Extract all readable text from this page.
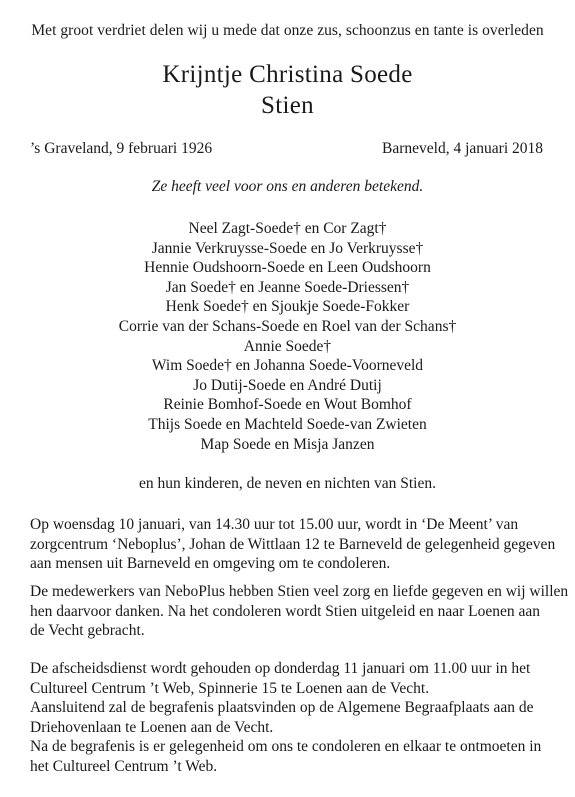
Met groot verdriet delen wij u mede dat onze zus, schoonzus en tante is overleden
Krijntje Christina Soede
Stien
’s Graveland, 9 februari 1926	Barneveld, 4 januari 2018
Ze heeft veel voor ons en anderen betekend.
Neel Zagt-Soede† en Cor Zagt†
Jannie Verkruysse-Soede en Jo Verkruysse†
Hennie Oudshoorn-Soede en Leen Oudshoorn
Jan Soede† en Jeanne Soede-Driessen†
Henk Soede† en Sjoukje Soede-Fokker
Corrie van der Schans-Soede en Roel van der Schans†
Annie Soede†
Wim Soede† en Johanna Soede-Voorneveld
Jo Dutij-Soede en André Dutij
Reinie Bomhof-Soede en Wout Bomhof
Thijs Soede en Machteld Soede-van Zwieten
Map Soede en Misja Janzen
en hun kinderen, de neven en nichten van Stien.

Op woensdag 10 januari, van 14.30 uur tot 15.00 uur, wordt in ‘De Meent’ van
zorgcentrum ‘Neboplus’, Johan de Wittlaan 12 te Barneveld de gelegenheid gegeven
aan mensen uit Barneveld en omgeving om te condoleren.

De medewerkers van NeboPlus hebben Stien veel zorg en liefde gegeven en wij willen
hen daarvoor danken. Na het condoleren wordt Stien uitgeleid en naar Loenen aan
de Vecht gebracht.

De afscheidsdienst wordt gehouden op donderdag 11 januari om 11.00 uur in het
Cultureel Centrum ’t Web, Spinnerie 15 te Loenen aan de Vecht.

Aansluitend zal de begrafenis plaatsvinden op de Algemene Begraafplaats aan de
Driehovenlaan te Loenen aan de Vecht.

Na de begrafenis is er gelegenheid om ons te condoleren en elkaar te ontmoeten in
het Cultureel Centrum ’t Web.
